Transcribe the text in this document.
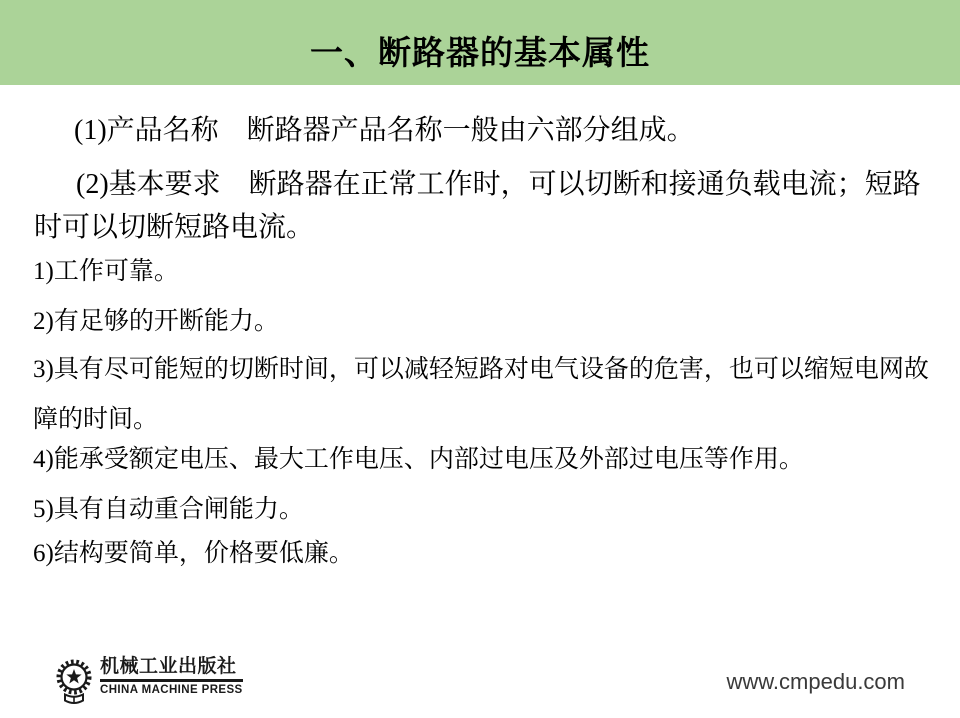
一、断路器的基本属性
(1)产品名称　断路器产品名称一般由六部分组成。
(2)基本要求　断路器在正常工作时，可以切断和接通负载电流；短路
时可以切断短路电流。
1)工作可靠。
2)有足够的开断能力。
3)具有尽可能短的切断时间，可以减轻短路对电气设备的危害，也可以缩短电网故
障的时间。
4)能承受额定电压、最大工作电压、内部过电压及外部过电压等作用。
5)具有自动重合闸能力。
6)结构要简单，价格要低廉。
机械工业出版社
CHINA MACHINE PRESS	www.cmpedu.com
